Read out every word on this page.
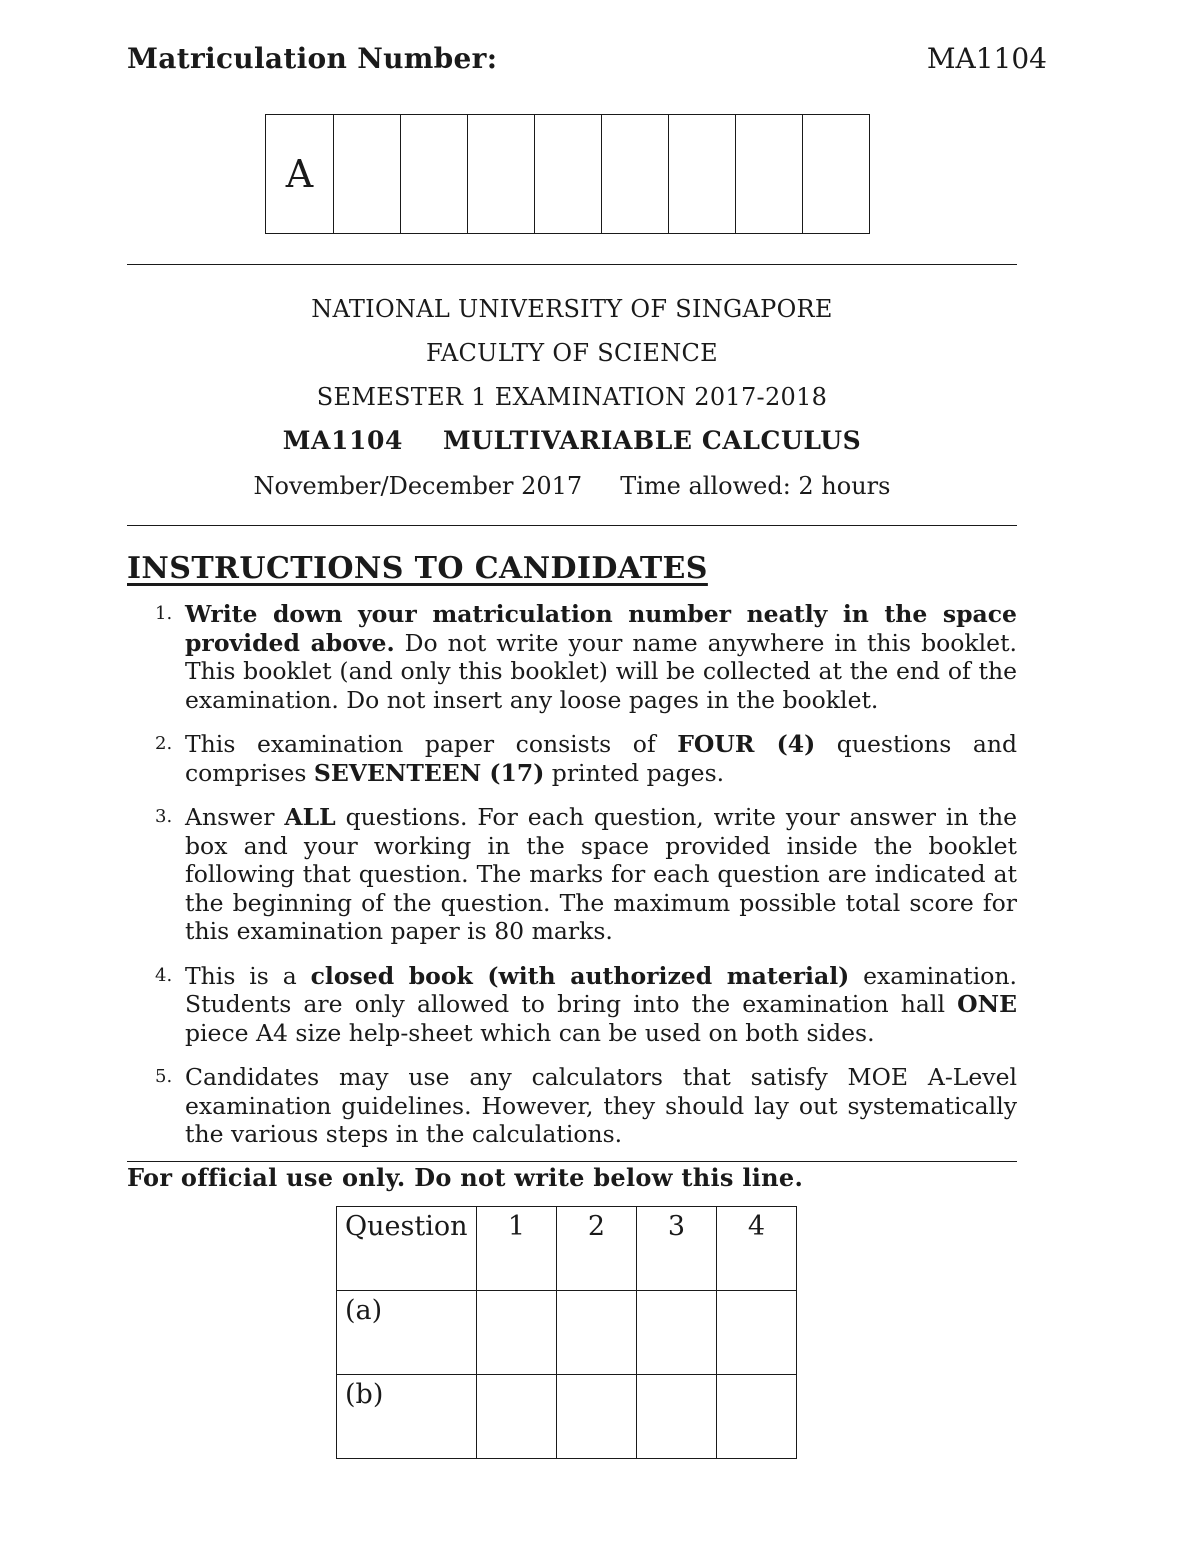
Matriculation Number:	MA1104
A
NATIONAL UNIVERSITY OF SINGAPORE
FACULTY OF SCIENCE
SEMESTER 1 EXAMINATION 2017-2018
MA1104 MULTIVARIABLE CALCULUS
November/December 2017 Time allowed: 2 hours
INSTRUCTIONS TO CANDIDATES
1. Write down your matriculation number neatly in the space provided above. Do not write your name anywhere in this booklet. This booklet (and only this booklet) will be collected at the end of the examination. Do not insert any loose pages in the booklet.
2. This examination paper consists of FOUR (4) questions and comprises SEVENTEEN (17) printed pages.
3. Answer ALL questions. For each question, write your answer in the box and your working in the space provided inside the booklet following that question. The marks for each question are indicated at the beginning of the question. The maximum possible total score for this examination paper is 80 marks.
4. This is a closed book (with authorized material) examination. Students are only allowed to bring into the examination hall ONE piece A4 size help-sheet which can be used on both sides.
5. Candidates may use any calculators that satisfy MOE A-Level examination guidelines. However, they should lay out systematically the various steps in the calculations.
For official use only. Do not write below this line.
Question	1	2	3	4
(a)				
(b)				
